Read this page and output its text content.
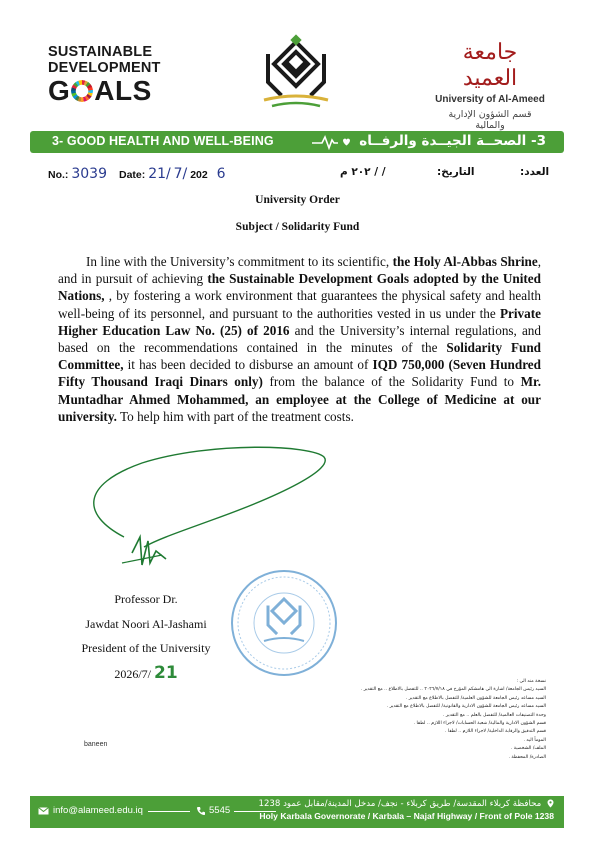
SUSTAINABLE
DEVELOPMENT
G ALS
جامعة العميد
University of Al-Ameed
قسم الشؤون الإدارية والمالية
3- GOOD HEALTH AND WELL-BEING	3- الصحــة الجيــدة والرفــاه
No.: 3039 Date: 21/ 7/ 202 6	/ / ٢٠٢ م	التاريخ:	العدد:
University Order
Subject / Solidarity Fund

In line with the University’s commitment to its scientific, the Holy Al-Abbas Shrine, and in pursuit of achieving the Sustainable Development Goals adopted by the United Nations, , by fostering a work environment that guarantees the physical safety and health well-being of its personnel, and pursuant to the authorities vested in us under the Private Higher Education Law No. (25) of 2016 and the University’s internal regulations, and based on the recommendations contained in the minutes of the Solidarity Fund Committee, it has been decided to disburse an amount of IQD 750,000 (Seven Hundred Fifty Thousand Iraqi Dinars only) from the balance of the Solidarity Fund to Mr. Muntadhar Ahmed Mohammed, an employee at the College of Medicine at our university. To help him with part of the treatment costs.

Professor Dr.
Jawdat Noori Al-Jashami
President of the University
2026/7/ 21	نسخة منه الى :
السيد رئيس الجامعة/ اشارة الى هامشكم المؤرخ في ٢٠٢٦/٧/١٨ .. للتفضل بالاطلاع .. مع التقدير .
السيد مساعد رئيس الجامعة للشؤون العلمية/ للتفضل بالاطلاع مع التقدير .
السيد مساعد رئيس الجامعة للشؤون الادارية والقانونية/ للتفضل بالاطلاع مع التقدير .
وحدة التصنيفات العالمية/ للتفضل بالعلم .. مع التقدير .
قسم الشؤون الادارية والمالية/ شعبة الحسابات/ لاجراء اللازم .. لطفا .
قسم التدقيق والرقابة الداخلية/ لاجراء اللازم .. لطفا .
المومأ اليه .
الملف/ الشخصية .
الصادرة/ المحفظة .
baneen
info@alameed.edu.iq	5545
محافظة كربلاء المقدسة/ طريق كربلاء - نجف/ مدخل المدينة/مقابل عمود 1238
Holy Karbala Governorate / Karbala – Najaf Highway / Front of Pole 1238
